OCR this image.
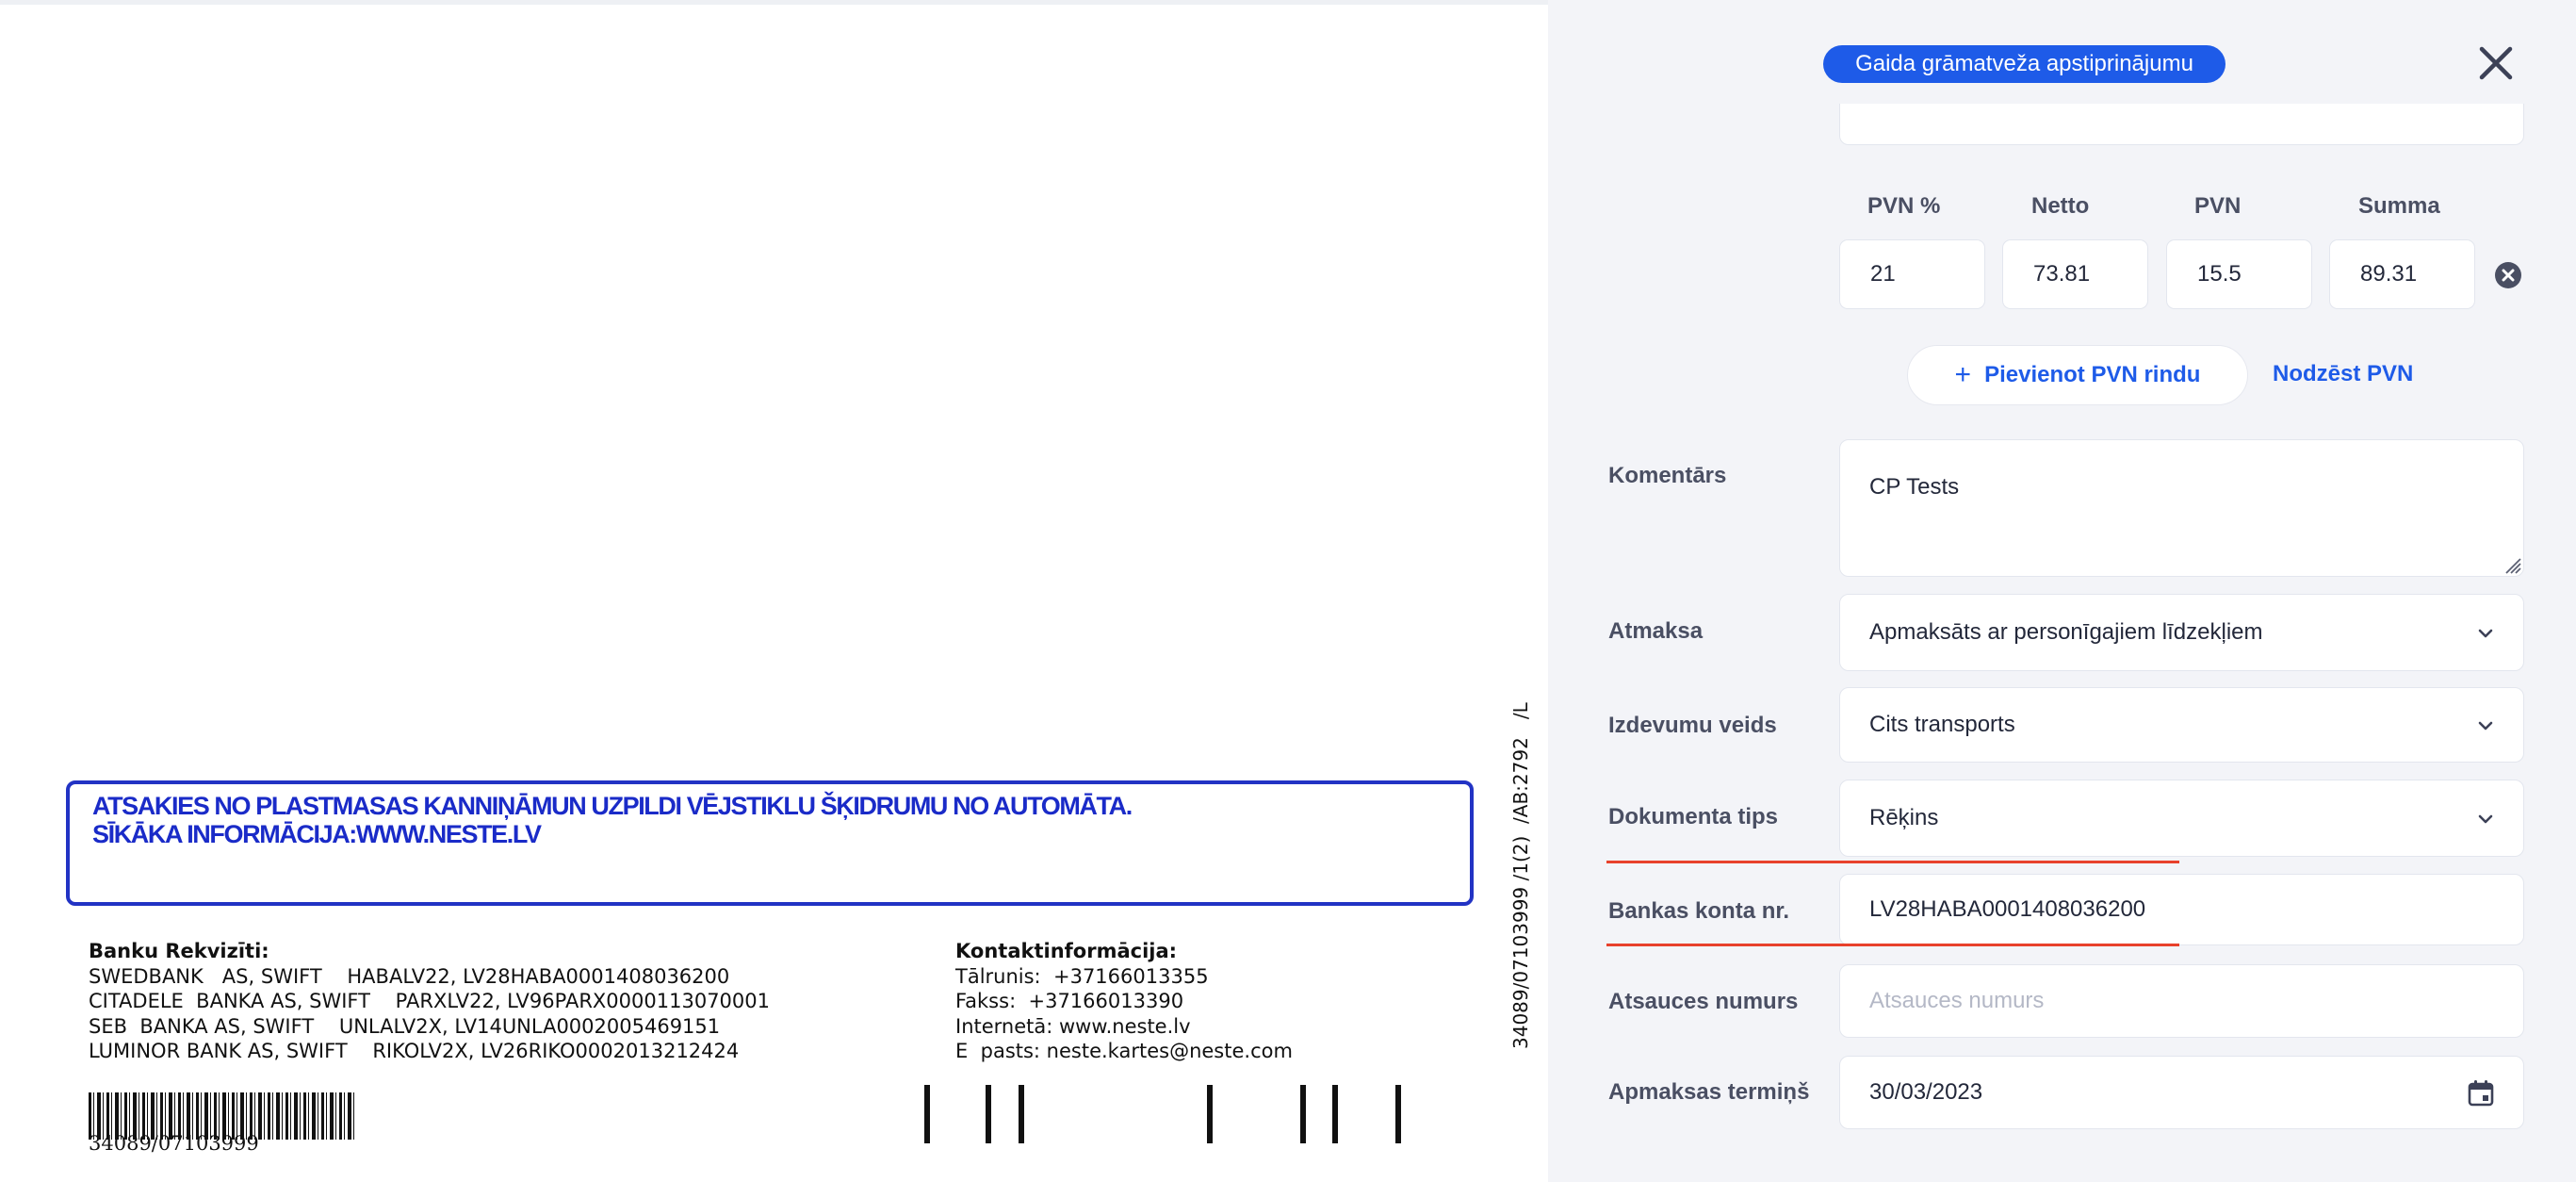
ATSAKIES NO PLASTMASAS KANNIŅĀMUN UZPILDI VĒJSTIKLU ŠĶIDRUMU NO AUTOMĀTA.
SĪKĀKA INFORMĀCIJA:WWW.NESTE.LV
Banku Rekvizīti:
SWEDBANK   AS, SWIFT    HABALV22, LV28HABA0001408036200
CITADELE  BANKA AS, SWIFT    PARXLV22, LV96PARX0000113070001
SEB  BANKA AS, SWIFT    UNLALV2X, LV14UNLA0002005469151
LUMINOR BANK AS, SWIFT    RIKOLV2X, LV26RIKO0002013212424
Kontaktinformācija:
Tālrunis:  +37166013355
Fakss:  +37166013390
Internetā: www.neste.lv
E  pasts: neste.kartes@neste.com
34089/07103999 /1(2)  /AB:2792   /L
34089/07103999
Gaida grāmatveža apstiprinājumu
PVN %	Netto	PVN	Summa
21	73.81	15.5	89.31
+ Pievienot PVN rindu	Nodzēst PVN
Komentārs	CP Tests
Atmaksa	Apmaksāts ar personīgajiem līdzekļiem
Izdevumu veids	Cits transports
Dokumenta tips	Rēķins
Bankas konta nr.	LV28HABA0001408036200
Atsauces numurs	Atsauces numurs
Apmaksas termiņš	30/03/2023
